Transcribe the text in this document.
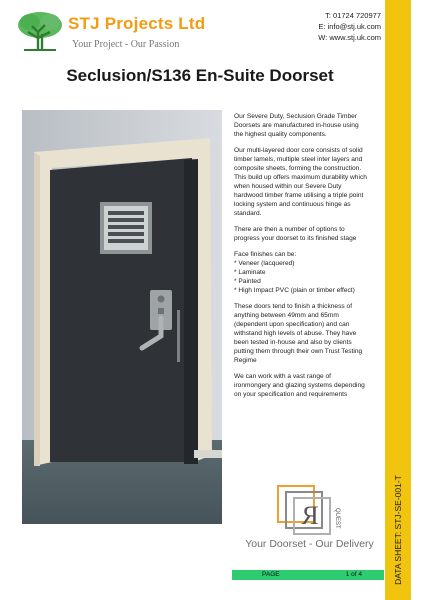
STJ Projects Ltd
Your Project - Our Passion
T: 01724 720977
E: info@stj.uk.com
W: www.stj.uk.com
DATA SHEET: STJ-SE-001-T
Seclusion/S136 En-Suite Doorset

Our Severe Duty, Seclusion Grade Timber Doorsets are manufactured in-house using the highest quality components.

Our multi-layered door core consists of solid timber lamels, multiple steel inter layers and composite sheets, forming the construction. This build up offers maximum durability which when housed within our Severe Duty hardwood timber frame utilising a triple point locking system and continuous hinge as standard.

There are then a number of options to progress your doorset to its finished stage

Face finishes can be:

* Veneer (lacquered)
* Laminate
* Painted
* High Impact PVC (plain or timber effect)

These doors tend to finish a thickness of anything between 49mm and 65mm (dependent upon specification) and can withstand high levels of abuse. They have been tested in-house and also by clients putting them through their own Trust Testing Regime

We can work with a vast range of ironmongery and glazing systems depending on your specification and requirements

R	QUEST
Your Doorset - Our Delivery
PAGE	1 of 4
